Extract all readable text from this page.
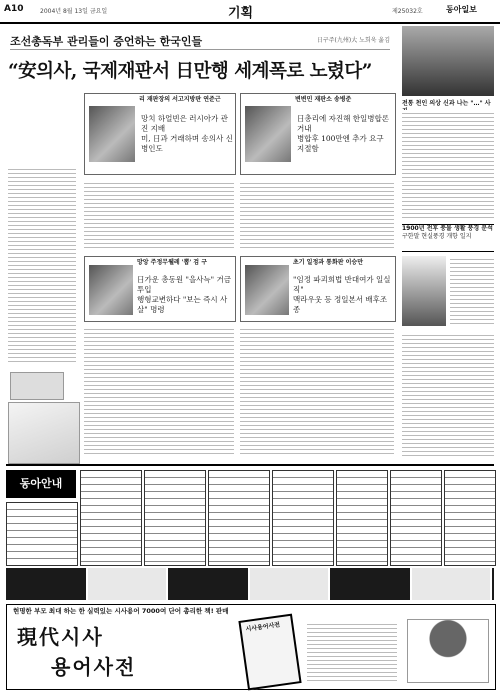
A10	2004년 8월 13일 금요일	기획	제25032호	동아일보
조선총독부 관리들이 증언하는 한국인들	日구주(九州)大 노희욱 옮김
“安의사, 국제재판서 日만행 세계폭로 노렸다”
리 재판장의 서고지방판 연준근
망치 하얼빈은 러시아가 관진 지배
미, 日과 거래하며 송의사 신병인도
변변민 재판소 송병준
日총리에 자진해 한일병합론 거내
병합후 100만엔 추가 요구 지절함
망앙 주정무웰레 '뽑' 검 구
日가운 총동원 "을사늑" 거금 투입
행형교변하다 "보는 즉시 사살" 명령
초기 일정과 통화판 이승만
"임정 파괴희법 반대여가 일실 직"
맥라우웃 등 정일본서 배후조종
전통 천인 의상 신과 나는 "…" 사
1900년 전후 풍물 생활 풍경 분석
구한말 현실풍경 개항 일지
동아안내
현명한 부모 최대 하는 한 실력있는 시사용어 7000여 단어 총리한 책! 판매
現代시사
용어사전
시사용어사전
